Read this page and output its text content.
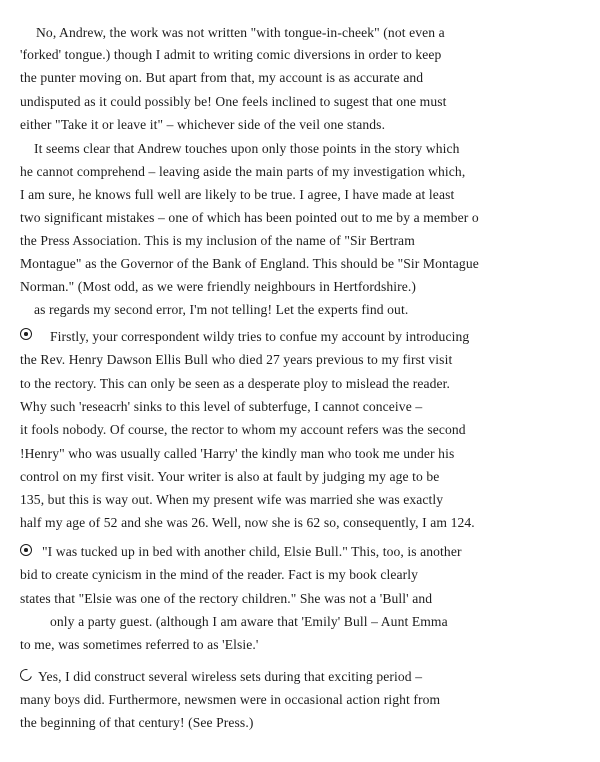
No, Andrew, the work was not written "with tongue-in-cheek" (not even a
'forked' tongue.) though I admit to writing comic diversions in order to keep
the punter moving on. But apart from that, my account is as accurate and
undisputed as it could possibly be! One feels inclined to sugest that one must
either "Take it or leave it" – whichever side of the veil one stands.
It seems clear that Andrew touches upon only those points in the story which
he cannot comprehend – leaving aside the main parts of my investigation which,
I am sure, he knows full well are likely to be true. I agree, I have made at least
two significant mistakes – one of which has been pointed out to me by a member o
the Press Association. This is my inclusion of the name of "Sir Bertram
Montague" as the Governor of the Bank of England. This should be "Sir Montague
Norman." (Most odd, as we were friendly neighbours in Hertfordshire.)
as regards my second error, I'm not telling! Let the experts find out.
Firstly, your correspondent wildy tries to confue my account by introducing
the Rev. Henry Dawson Ellis Bull who died 27 years previous to my first visit
to the rectory. This can only be seen as a desperate ploy to mislead the reader.
Why such 'reseacrh' sinks to this level of subterfuge, I cannot conceive –
it fools nobody. Of course, the rector to whom my account refers was the second
!Henry" who was usually called 'Harry' the kindly man who took me under his
control on my first visit. Your writer is also at fault by judging my age to be
135, but this is way out. When my present wife was married she was exactly
half my age of 52 and she was 26. Well, now she is 62 so, consequently, I am 124.
"I was tucked up in bed with another child, Elsie Bull." This, too, is another
bid to create cynicism in the mind of the reader. Fact is my book clearly
states that "Elsie was one of the rectory children." She was not a 'Bull' and
only a party guest. (although I am aware that 'Emily' Bull – Aunt Emma
to me, was sometimes referred to as 'Elsie.'
Yes, I did construct several wireless sets during that exciting period –
many boys did. Furthermore, newsmen were in occasional action right from
the beginning of that century! (See Press.)
